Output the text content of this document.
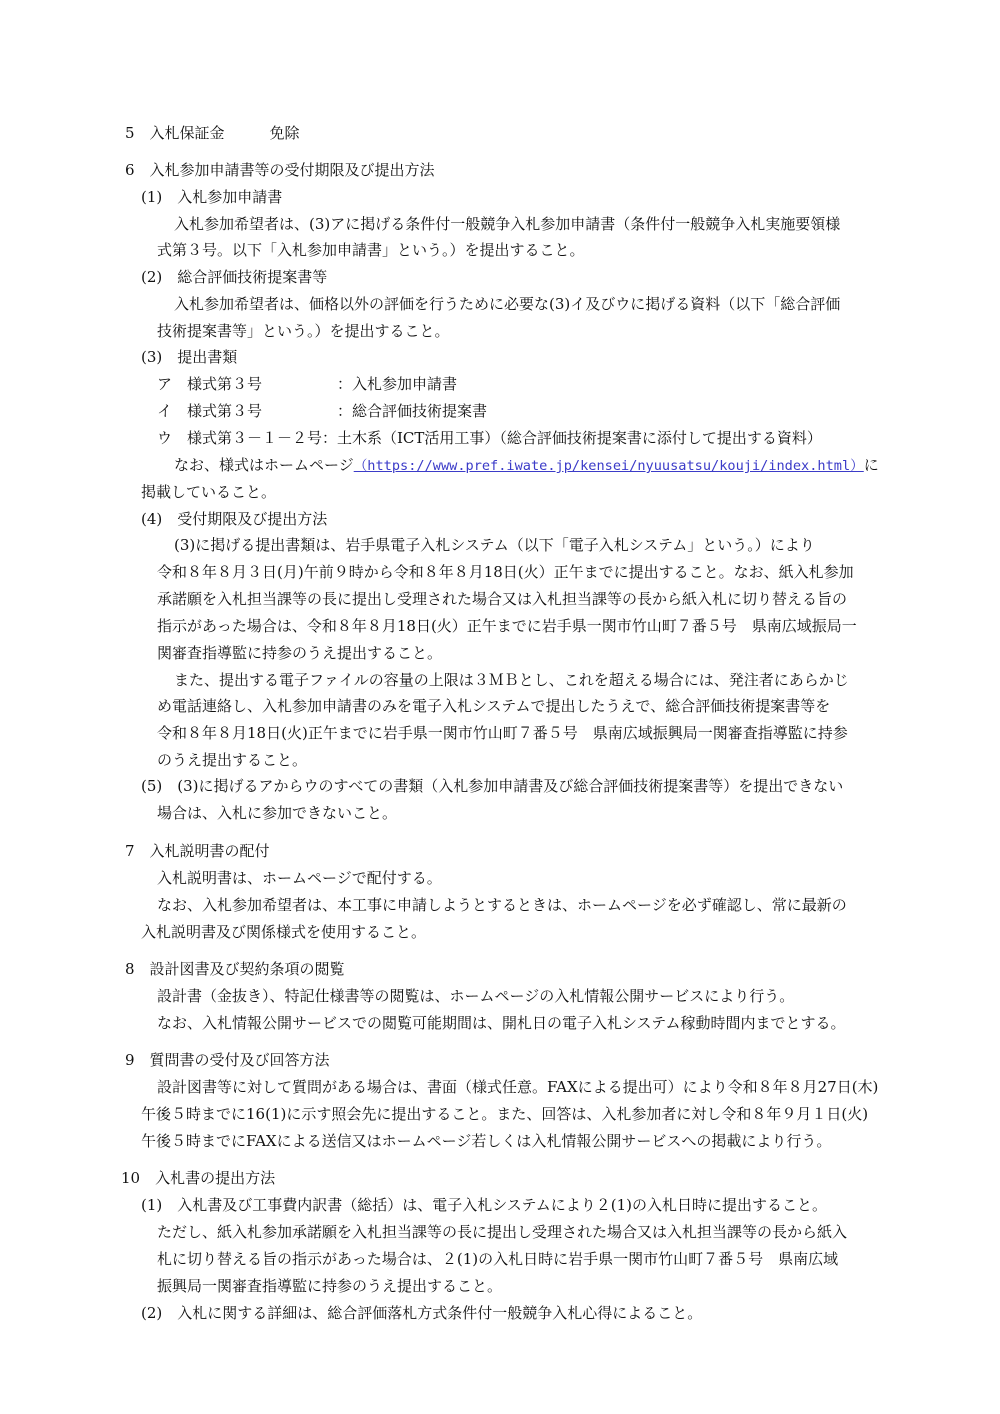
5　入札保証金　　　免除
6　入札参加申請書等の受付期限及び提出方法
(1)　入札参加申請書
入札参加希望者は、(3)アに掲げる条件付一般競争入札参加申請書（条件付一般競争入札実施要領様
式第３号。以下「入札参加申請書」という。）を提出すること。
(2)　総合評価技術提案書等
入札参加希望者は、価格以外の評価を行うために必要な(3)イ及びウに掲げる資料（以下「総合評価
技術提案書等」という。）を提出すること。
(3)　提出書類
ア　様式第３号　　　　　：入札参加申請書
イ　様式第３号　　　　　：総合評価技術提案書
ウ　様式第３－１－２号：土木系（ICT活用工事）（総合評価技術提案書に添付して提出する資料）
なお、様式はホームページ（https://www.pref.iwate.jp/kensei/nyuusatsu/kouji/index.html）に
掲載していること。
(4)　受付期限及び提出方法
(3)に掲げる提出書類は、岩手県電子入札システム（以下「電子入札システム」という。）により
令和８年８月３日(月)午前９時から令和８年８月18日(火）正午までに提出すること。なお、紙入札参加
承諾願を入札担当課等の長に提出し受理された場合又は入札担当課等の長から紙入札に切り替える旨の
指示があった場合は、令和８年８月18日(火）正午までに岩手県一関市竹山町７番５号　県南広域振局一
関審査指導監に持参のうえ提出すること。
また、提出する電子ファイルの容量の上限は３ＭＢとし、これを超える場合には、発注者にあらかじ
め電話連絡し、入札参加申請書のみを電子入札システムで提出したうえで、総合評価技術提案書等を
令和８年８月18日(火)正午までに岩手県一関市竹山町７番５号　県南広域振興局一関審査指導監に持参
のうえ提出すること。
(5)　(3)に掲げるアからウのすべての書類（入札参加申請書及び総合評価技術提案書等）を提出できない
場合は、入札に参加できないこと。
7　入札説明書の配付
入札説明書は、ホームページで配付する。
なお、入札参加希望者は、本工事に申請しようとするときは、ホームページを必ず確認し、常に最新の
入札説明書及び関係様式を使用すること。
8　設計図書及び契約条項の閲覧
設計書（金抜き）、特記仕様書等の閲覧は、ホームページの入札情報公開サービスにより行う。
なお、入札情報公開サービスでの閲覧可能期間は、開札日の電子入札システム稼動時間内までとする。
9　質問書の受付及び回答方法
設計図書等に対して質問がある場合は、書面（様式任意。FAXによる提出可）により令和８年８月27日(木)
午後５時までに16(1)に示す照会先に提出すること。また、回答は、入札参加者に対し令和８年９月１日(火)
午後５時までにFAXによる送信又はホームページ若しくは入札情報公開サービスへの掲載により行う。
10　入札書の提出方法
(1)　入札書及び工事費内訳書（総括）は、電子入札システムにより２(1)の入札日時に提出すること。
ただし、紙入札参加承諾願を入札担当課等の長に提出し受理された場合又は入札担当課等の長から紙入
札に切り替える旨の指示があった場合は、２(1)の入札日時に岩手県一関市竹山町７番５号　県南広域
振興局一関審査指導監に持参のうえ提出すること。
(2)　入札に関する詳細は、総合評価落札方式条件付一般競争入札心得によること。
